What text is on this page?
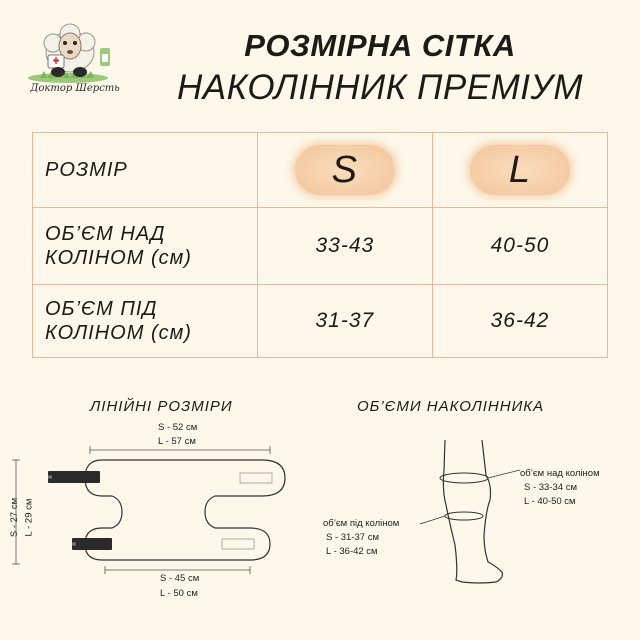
Доктор Шерсть
РОЗМІРНА СІТКА
НАКОЛІННИК ПРЕМІУМ
РОЗМІР	S	L
ОБ’ЄМ НАД
КОЛІНОМ (см)	33-43	40-50
ОБ’ЄМ ПІД
КОЛІНОМ (см)	31-37	36-42
ЛІНІЙНІ РОЗМІРИ
S - 52 см
L - 57 см
S - 45 см
L - 50 см
S - 27 см L - 29 см
ОБ’ЄМИ НАКОЛІННИКА
об’єм над коліном
S - 33-34 см
L - 40-50 см
об’єм під коліном
S - 31-37 см
L - 36-42 см
